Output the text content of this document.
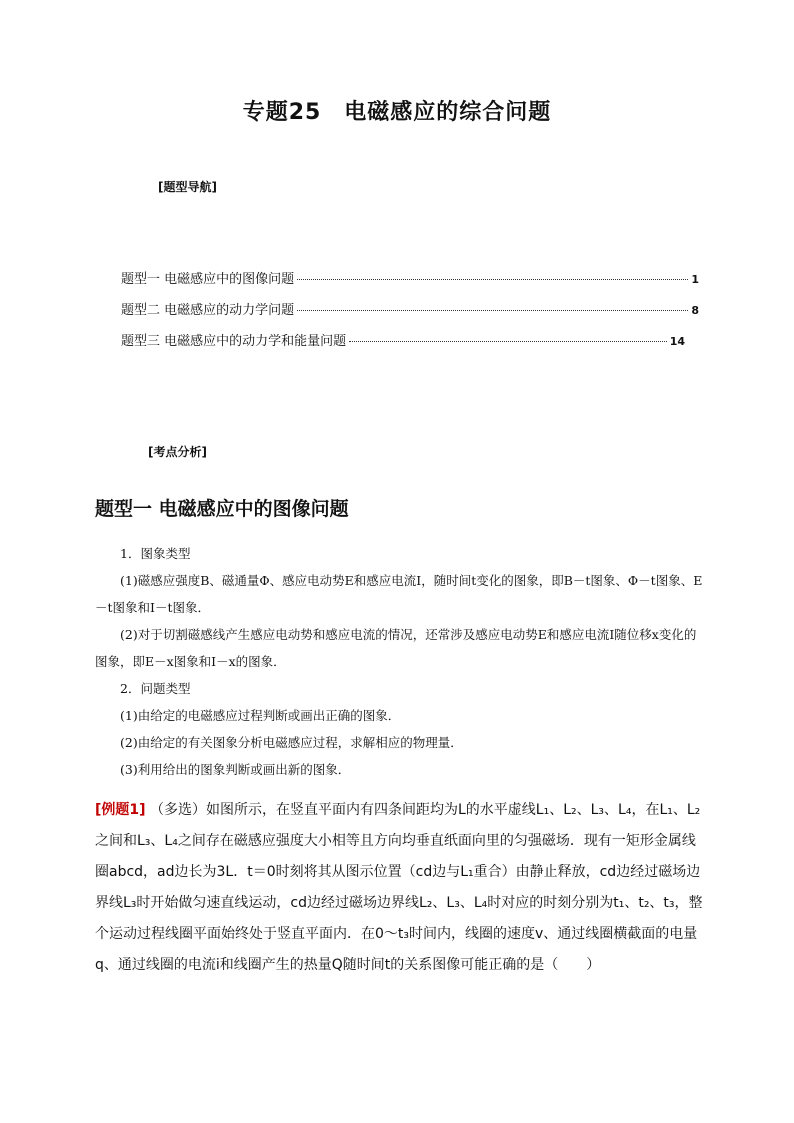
专题25　电磁感应的综合问题
[题型导航]
题型一 电磁感应中的图像问题	1
题型二 电磁感应的动力学问题	8
题型三 电磁感应中的动力学和能量问题	14
[考点分析]
题型一 电磁感应中的图像问题

1．图象类型

(1)磁感应强度B、磁通量Φ、感应电动势E和感应电流I，随时间t变化的图象，即B－t图象、Φ－t图象、E－t图象和I－t图象．

(2)对于切割磁感线产生感应电动势和感应电流的情况，还常涉及感应电动势E和感应电流I随位移x变化的图象，即E－x图象和I－x的图象．

2．问题类型

(1)由给定的电磁感应过程判断或画出正确的图象．

(2)由给定的有关图象分析电磁感应过程，求解相应的物理量．

(3)利用给出的图象判断或画出新的图象．

[例题1] （多选）如图所示，在竖直平面内有四条间距均为L的水平虚线L₁、L₂、L₃、L₄，在L₁、L₂之间和L₃、L₄之间存在磁感应强度大小相等且方向均垂直纸面向里的匀强磁场．现有一矩形金属线圈abcd，ad边长为3L．t＝0时刻将其从图示位置（cd边与L₁重合）由静止释放，cd边经过磁场边界线L₃时开始做匀速直线运动，cd边经过磁场边界线L₂、L₃、L₄时对应的时刻分别为t₁、t₂、t₃，整个运动过程线圈平面始终处于竖直平面内．在0～t₃时间内，线圈的速度v、通过线圈横截面的电量q、通过线圈的电流i和线圈产生的热量Q随时间t的关系图像可能正确的是（　　）
